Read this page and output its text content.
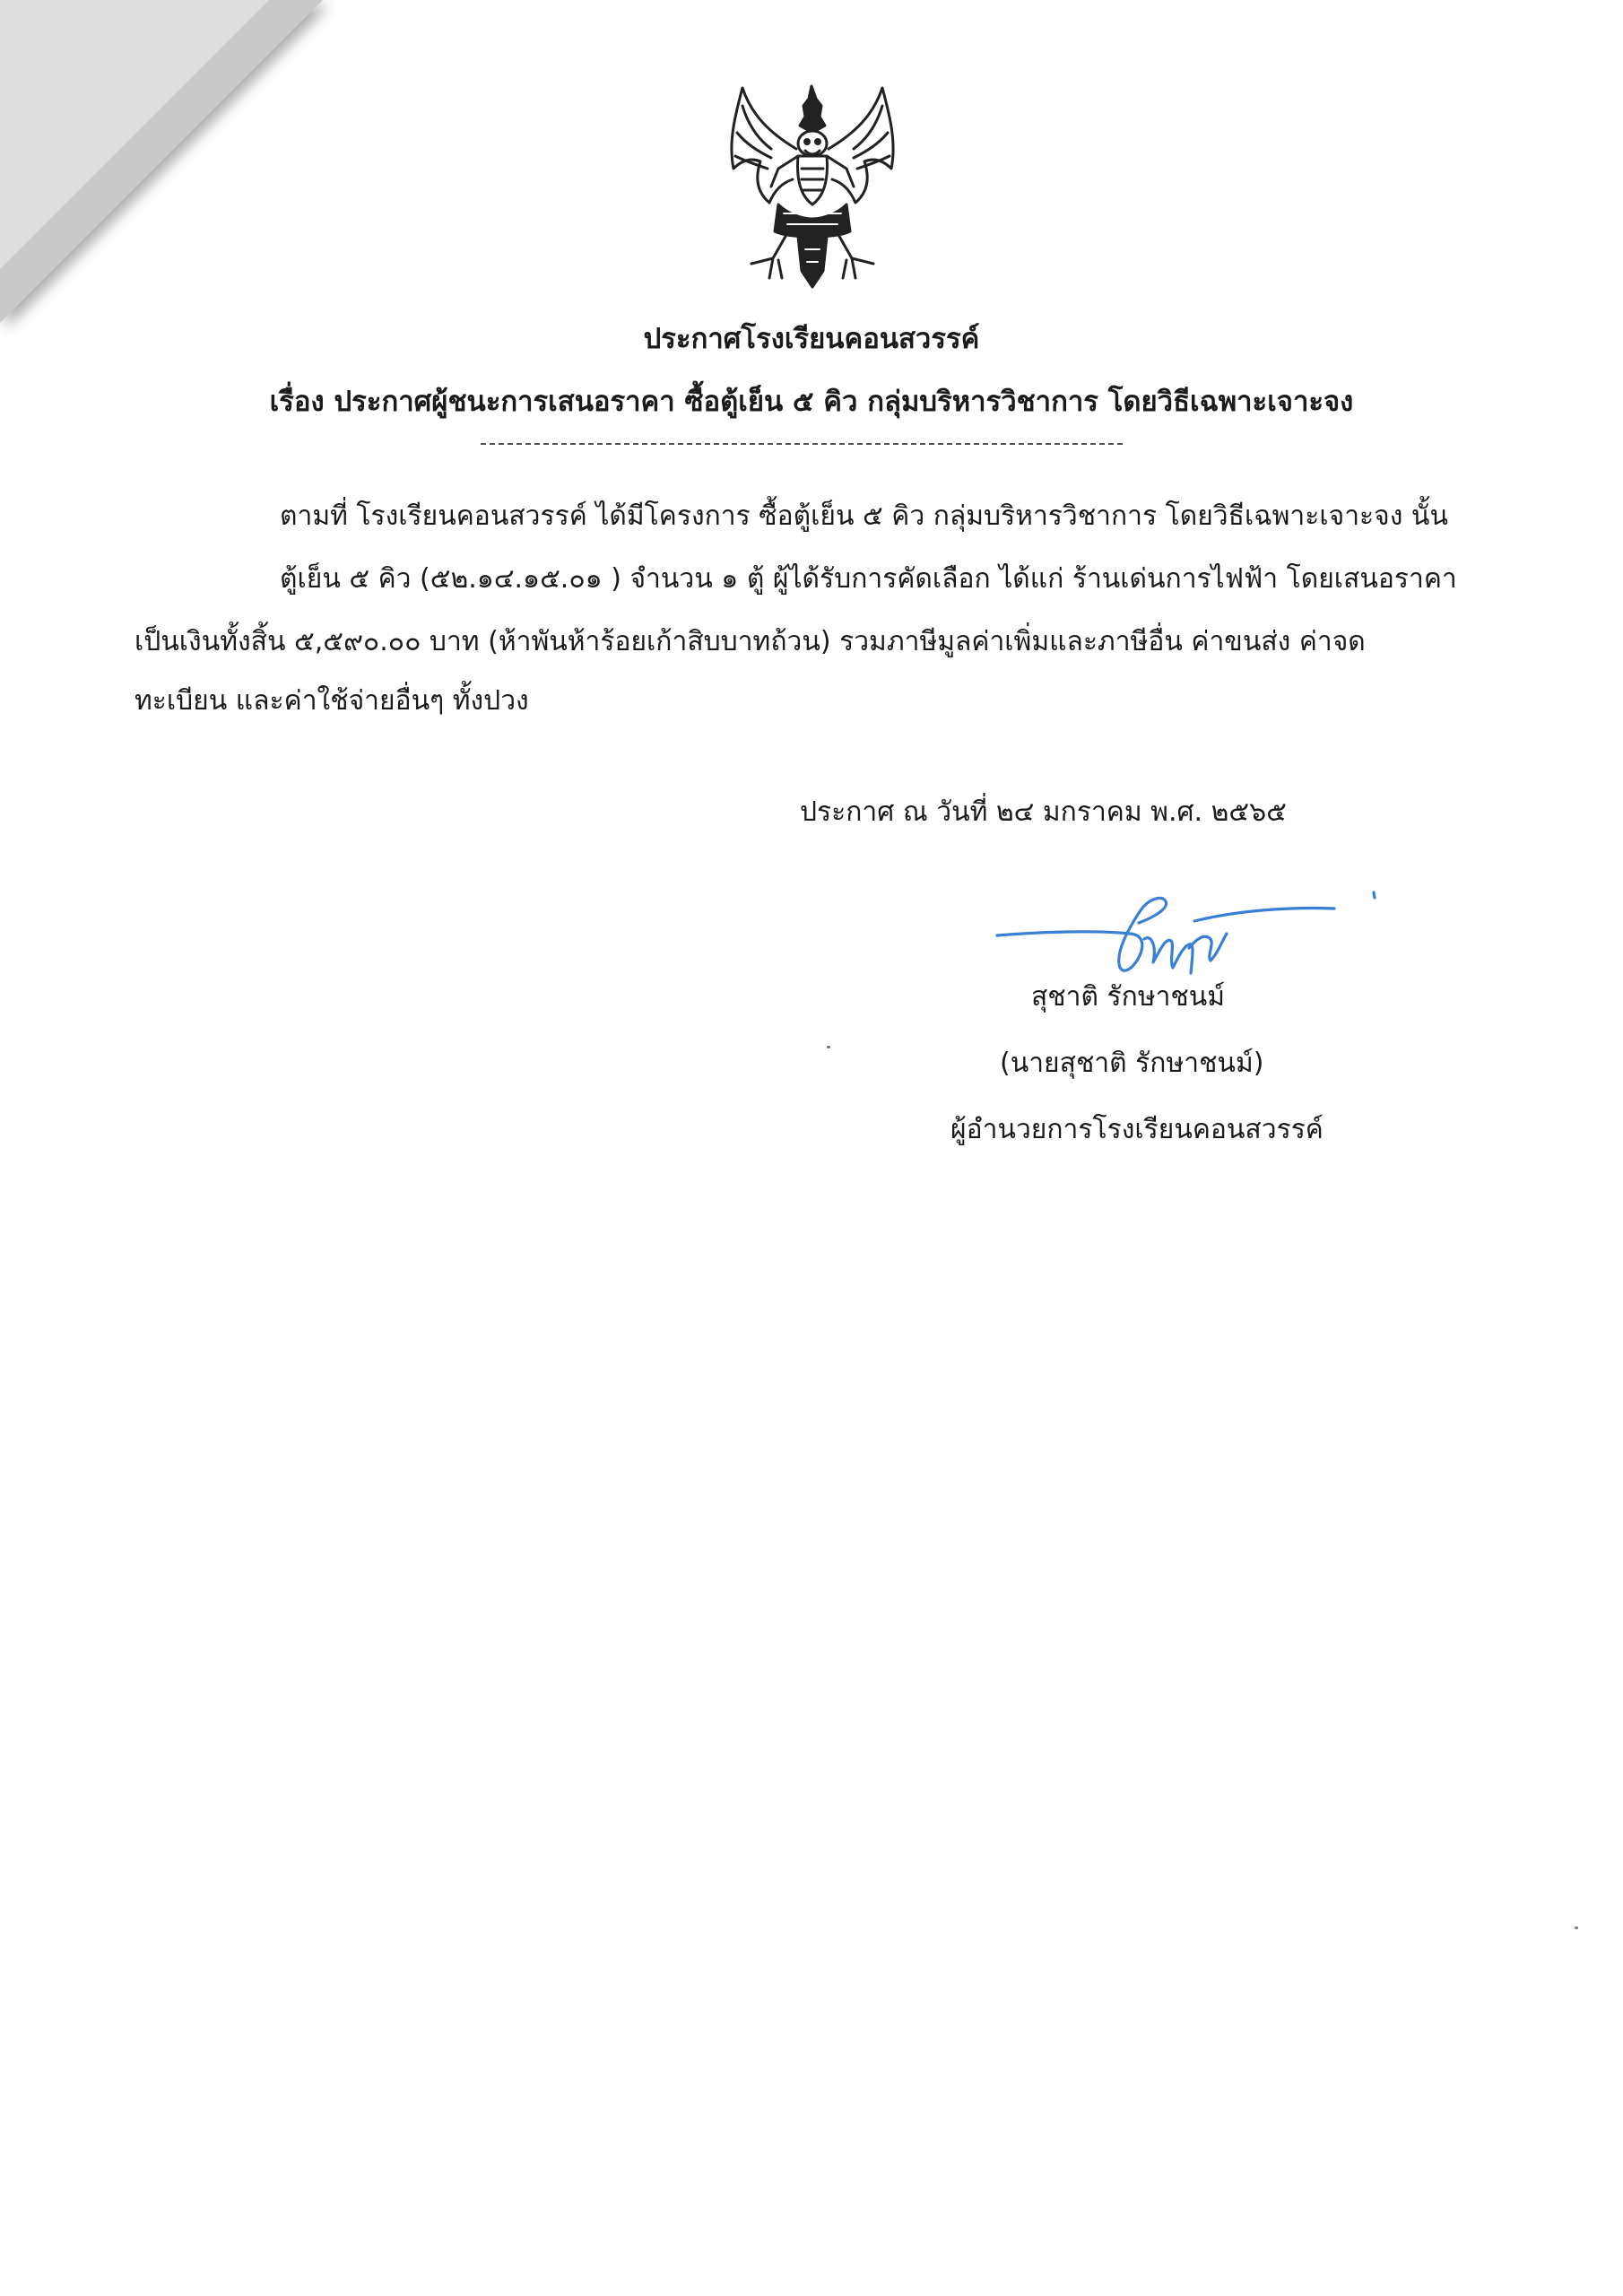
ประกาศโรงเรียนคอนสวรรค์
เรื่อง ประกาศผู้ชนะการเสนอราคา ซื้อตู้เย็น ๕ คิว กลุ่มบริหารวิชาการ โดยวิธีเฉพาะเจาะจง
ตามที่ โรงเรียนคอนสวรรค์ ได้มีโครงการ ซื้อตู้เย็น ๕ คิว กลุ่มบริหารวิชาการ โดยวิธีเฉพาะเจาะจง นั้น
ตู้เย็น ๕ คิว (๕๒.๑๔.๑๕.๐๑ ) จำนวน ๑ ตู้ ผู้ได้รับการคัดเลือก ได้แก่ ร้านเด่นการไฟฟ้า โดยเสนอราคา
เป็นเงินทั้งสิ้น ๕,๕๙๐.๐๐ บาท (ห้าพันห้าร้อยเก้าสิบบาทถ้วน) รวมภาษีมูลค่าเพิ่มและภาษีอื่น ค่าขนส่ง ค่าจด
ทะเบียน และค่าใช้จ่ายอื่นๆ ทั้งปวง
ประกาศ ณ วันที่ ๒๔ มกราคม พ.ศ. ๒๕๖๕
สุชาติ รักษาชนม์
(นายสุชาติ รักษาชนม์)
ผู้อำนวยการโรงเรียนคอนสวรรค์
